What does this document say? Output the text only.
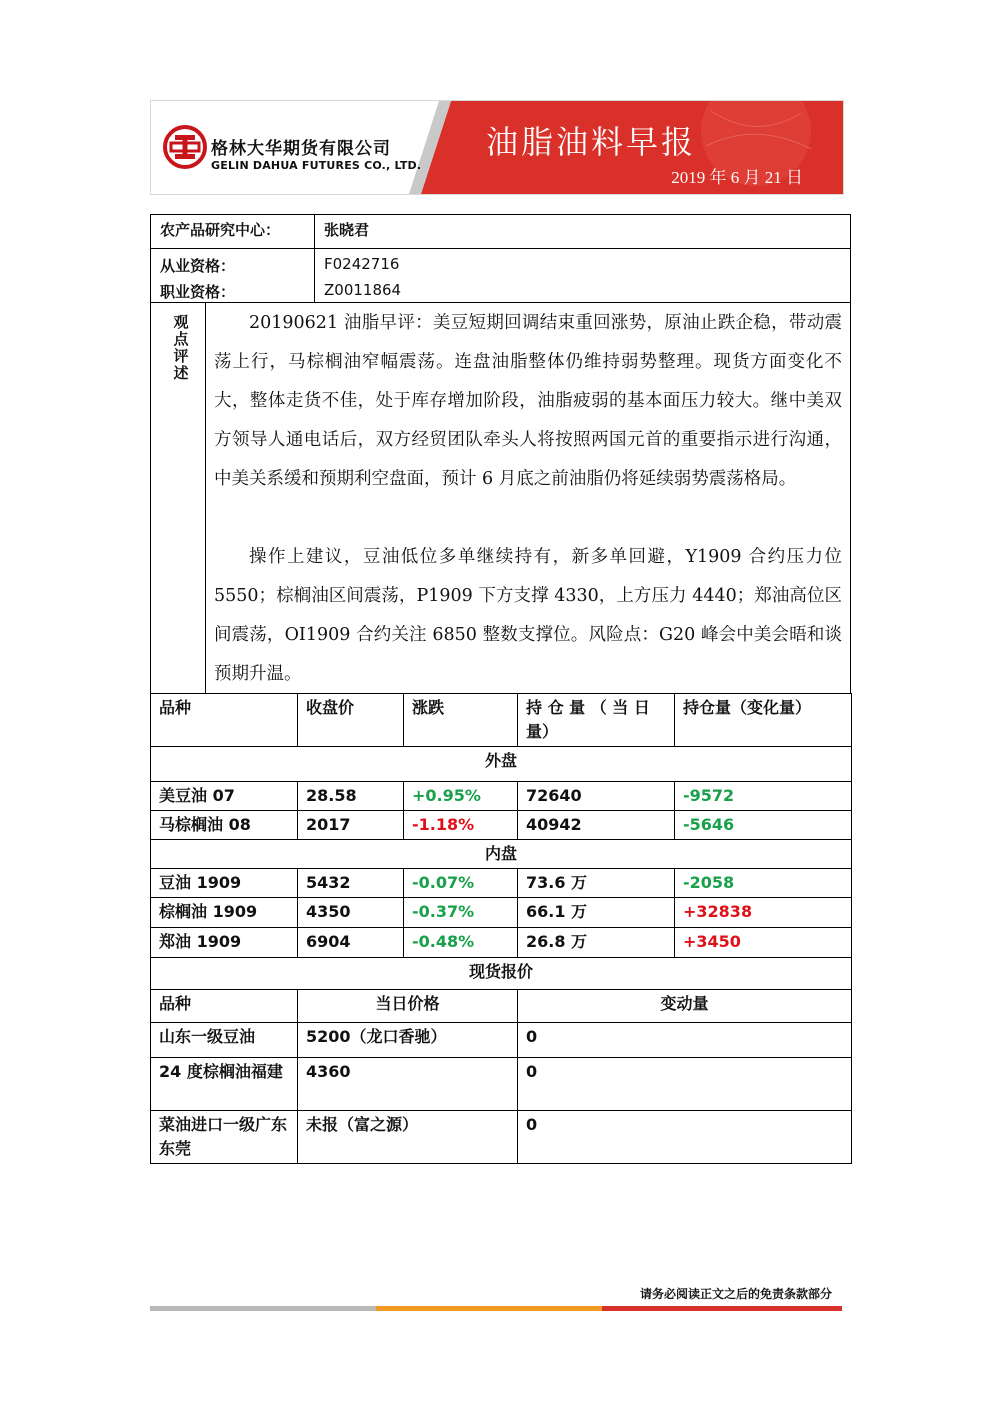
格林大华期货有限公司
GELIN DAHUA FUTURES CO., LTD.
油脂油料早报
2019 年 6 月 21 日
农产品研究中心：	张晓君
从业资格：	F0242716
职业资格：	Z0011864
观点评述

20190621 油脂早评：美豆短期回调结束重回涨势，原油止跌企稳，带动震荡上行，马棕榈油窄幅震荡。连盘油脂整体仍维持弱势整理。现货方面变化不大，整体走货不佳，处于库存增加阶段，油脂疲弱的基本面压力较大。继中美双方领导人通电话后，双方经贸团队牵头人将按照两国元首的重要指示进行沟通，中美关系缓和预期利空盘面，预计 6 月底之前油脂仍将延续弱势震荡格局。

操作上建议，豆油低位多单继续持有，新多单回避，Y1909 合约压力位 5550；棕榈油区间震荡，P1909 下方支撑 4330，上方压力 4440；郑油高位区间震荡，OI1909 合约关注 6850 整数支撑位。风险点：G20 峰会中美会晤和谈预期升温。

品种	收盘价	涨跌	持 仓 量 （ 当 日 量）	持仓量（变化量）
外盘				
美豆油 07	28.58	+0.95%	72640	-9572
马棕榈油 08	2017	-1.18%	40942	-5646
内盘				
豆油 1909	5432	-0.07%	73.6 万	-2058
棕榈油 1909	4350	-0.37%	66.1 万	+32838
郑油 1909	6904	-0.48%	26.8 万	+3450
现货报价				
品种	当日价格		变动量	
山东一级豆油	5200（龙口香驰）		0	
24 度棕榈油福建	4360		0	
菜油进口一级广东东莞	未报（富之源）		0	
请务必阅读正文之后的免责条款部分
